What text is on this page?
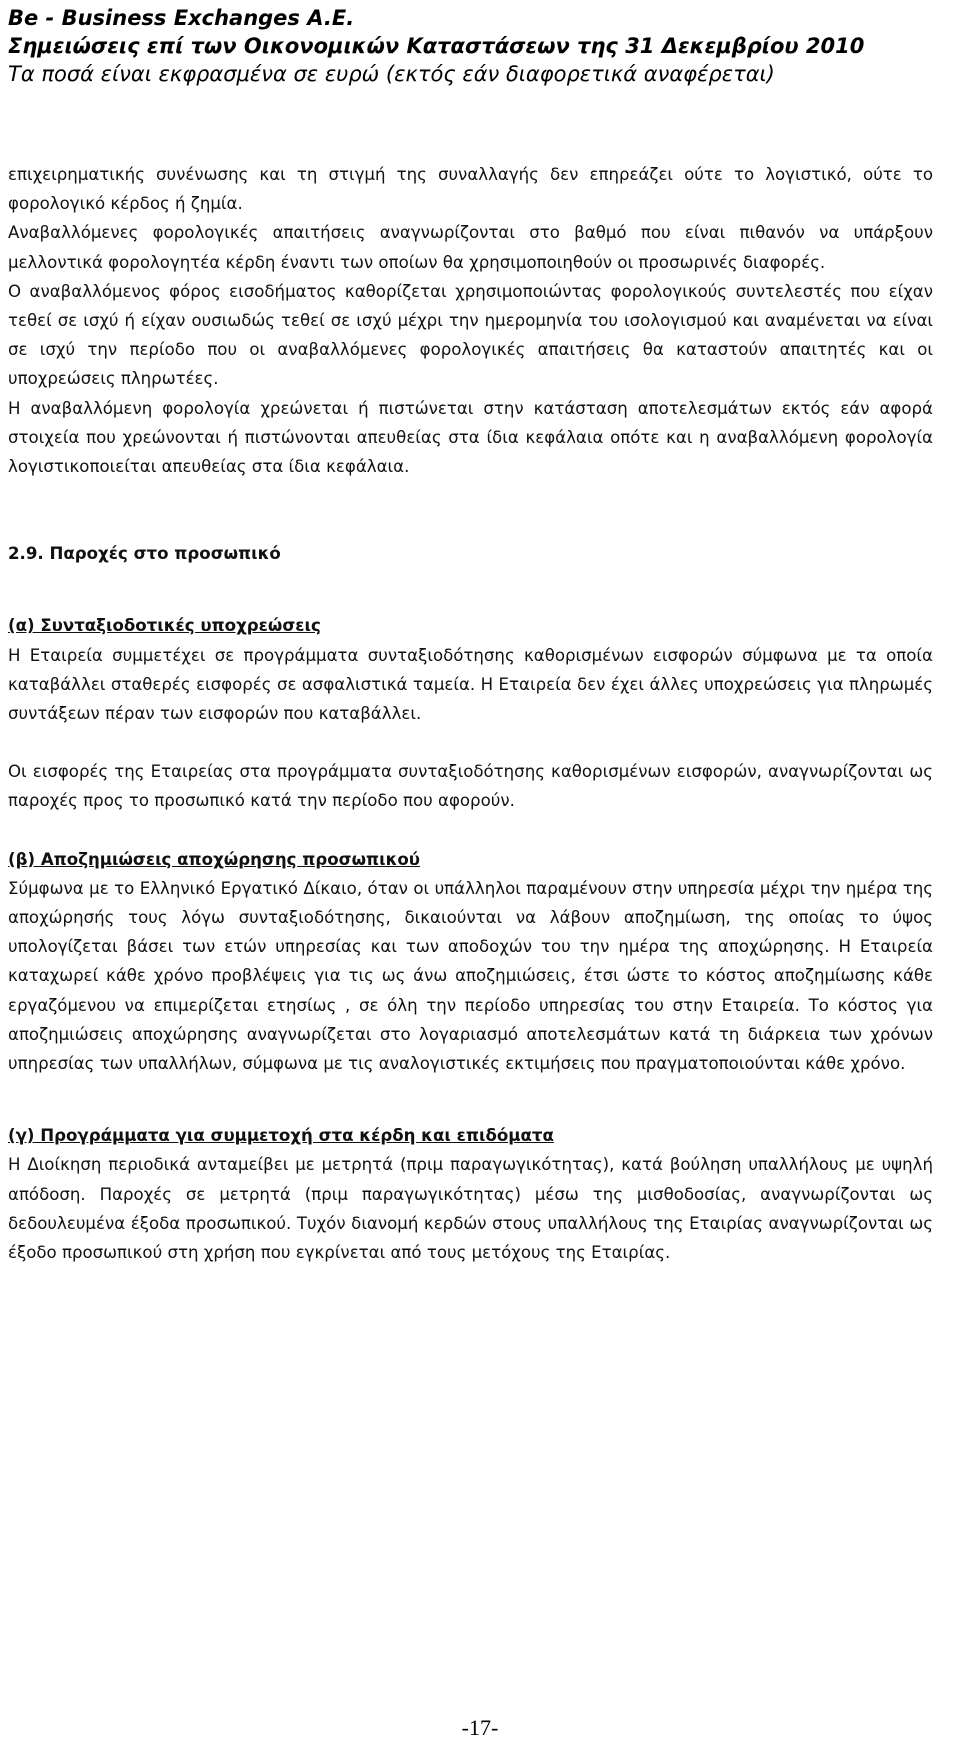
Be - Business Exchanges A.E.
Σημειώσεις επί των Οικονομικών Καταστάσεων της 31 Δεκεμβρίου 2010
Τα ποσά είναι εκφρασμένα σε ευρώ (εκτός εάν διαφορετικά αναφέρεται)

επιχειρηματικής συνένωσης και τη στιγμή της συναλλαγής δεν επηρεάζει ούτε το λογιστικό, ούτε το φορολογικό κέρδος ή ζημία.

Αναβαλλόμενες φορολογικές απαιτήσεις αναγνωρίζονται στο βαθμό που είναι πιθανόν να υπάρξουν μελλοντικά φορολογητέα κέρδη έναντι των οποίων θα χρησιμοποιηθούν οι προσωρινές διαφορές.

Ο αναβαλλόμενος φόρος εισοδήματος καθορίζεται χρησιμοποιώντας φορολογικούς συντελεστές που είχαν τεθεί σε ισχύ ή είχαν ουσιωδώς τεθεί σε ισχύ μέχρι την ημερομηνία του ισολογισμού και αναμένεται να είναι σε ισχύ την περίοδο που οι αναβαλλόμενες φορολογικές απαιτήσεις θα καταστούν απαιτητές και οι υποχρεώσεις πληρωτέες.

Η αναβαλλόμενη φορολογία χρεώνεται ή πιστώνεται στην κατάσταση αποτελεσμάτων εκτός εάν αφορά στοιχεία που χρεώνονται ή πιστώνονται απευθείας στα ίδια κεφάλαια οπότε και η αναβαλλόμενη φορολογία λογιστικοποιείται απευθείας στα ίδια κεφάλαια.

2.9. Παροχές στο προσωπικό

(α) Συνταξιοδοτικές υποχρεώσεις

Η Εταιρεία συμμετέχει σε προγράμματα συνταξιοδότησης καθορισμένων εισφορών σύμφωνα με τα οποία καταβάλλει σταθερές εισφορές σε ασφαλιστικά ταμεία. Η Εταιρεία δεν έχει άλλες υποχρεώσεις για πληρωμές συντάξεων πέραν των εισφορών που καταβάλλει.

Οι εισφορές της Εταιρείας στα προγράμματα συνταξιοδότησης καθορισμένων εισφορών, αναγνωρίζονται ως παροχές προς το προσωπικό κατά την περίοδο που αφορούν.

(β) Αποζημιώσεις αποχώρησης προσωπικού

Σύμφωνα με το Ελληνικό Εργατικό Δίκαιο, όταν οι υπάλληλοι παραμένουν στην υπηρεσία μέχρι την ημέρα της αποχώρησής τους λόγω συνταξιοδότησης, δικαιούνται να λάβουν αποζημίωση, της οποίας το ύψος υπολογίζεται βάσει των ετών υπηρεσίας και των αποδοχών του την ημέρα της αποχώρησης. Η Εταιρεία καταχωρεί κάθε χρόνο προβλέψεις για τις ως άνω αποζημιώσεις, έτσι ώστε το κόστος αποζημίωσης κάθε εργαζόμενου να επιμερίζεται ετησίως , σε όλη την περίοδο υπηρεσίας του στην Εταιρεία. Το κόστος για αποζημιώσεις αποχώρησης αναγνωρίζεται στο λογαριασμό αποτελεσμάτων κατά τη διάρκεια των χρόνων υπηρεσίας των υπαλλήλων, σύμφωνα με τις αναλογιστικές εκτιμήσεις που πραγματοποιούνται κάθε χρόνο.

(γ) Προγράμματα για συμμετοχή στα κέρδη και επιδόματα

Η Διοίκηση περιοδικά ανταμείβει με μετρητά (πριμ παραγωγικότητας), κατά βούληση υπαλλήλους με υψηλή απόδοση. Παροχές σε μετρητά (πριμ παραγωγικότητας) μέσω της μισθοδοσίας, αναγνωρίζονται ως δεδουλευμένα έξοδα προσωπικού. Τυχόν διανομή κερδών στους υπαλλήλους της Εταιρίας αναγνωρίζονται ως έξοδο προσωπικού στη χρήση που εγκρίνεται από τους μετόχους της Εταιρίας.

-17-
